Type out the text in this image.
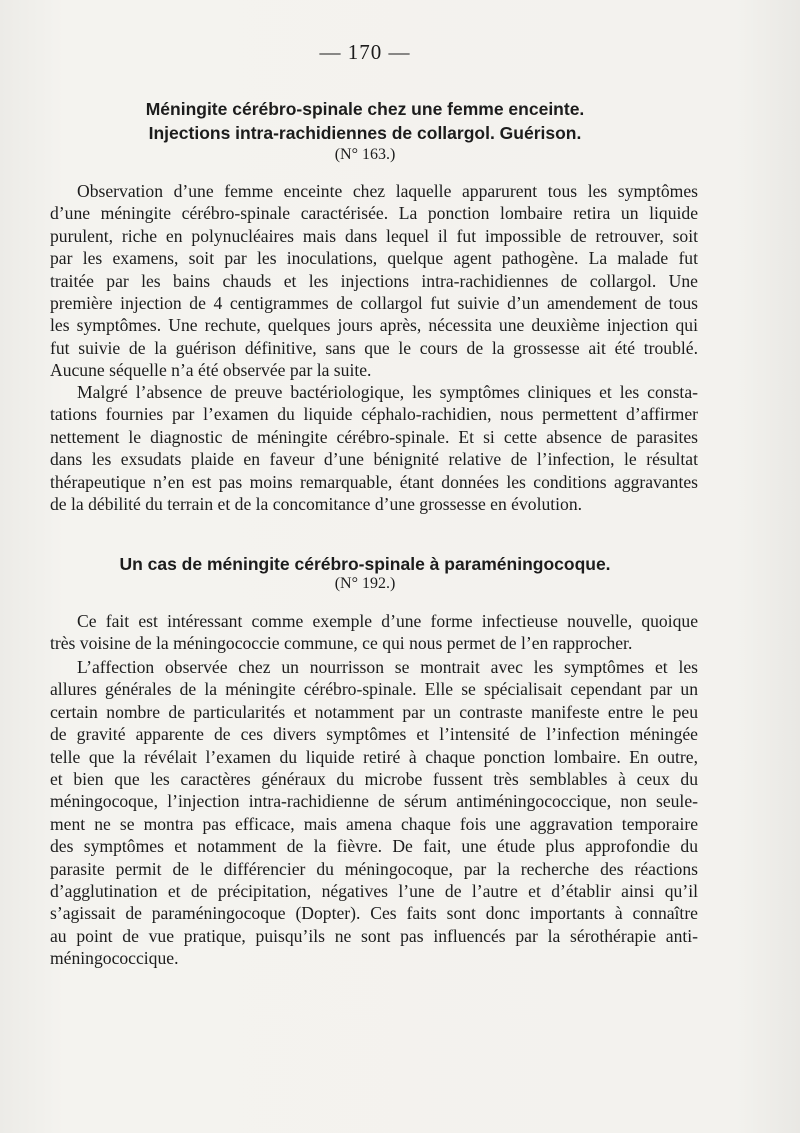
— 170 —
Méningite cérébro-spinale chez une femme enceinte.
Injections intra-rachidiennes de collargol. Guérison.
(N° 163.)

Observation d’une femme enceinte chez laquelle apparurent tous les symptômes
d’une méningite cérébro-spinale caractérisée. La ponction lombaire retira un liquide
purulent, riche en polynucléaires mais dans lequel il fut impossible de retrouver, soit
par les examens, soit par les inoculations, quelque agent pathogène. La malade fut
traitée par les bains chauds et les injections intra-rachidiennes de collargol. Une
première injection de 4 centigrammes de collargol fut suivie d’un amendement de tous
les symptômes. Une rechute, quelques jours après, nécessita une deuxième injection qui
fut suivie de la guérison définitive, sans que le cours de la grossesse ait été troublé.
Aucune séquelle n’a été observée par la suite.

Malgré l’absence de preuve bactériologique, les symptômes cliniques et les consta-
tations fournies par l’examen du liquide céphalo-rachidien, nous permettent d’affirmer
nettement le diagnostic de méningite cérébro-spinale. Et si cette absence de parasites
dans les exsudats plaide en faveur d’une bénignité relative de l’infection, le résultat
thérapeutique n’en est pas moins remarquable, étant données les conditions aggravantes
de la débilité du terrain et de la concomitance d’une grossesse en évolution.

Un cas de méningite cérébro-spinale à paraméningocoque.
(N° 192.)

Ce fait est intéressant comme exemple d’une forme infectieuse nouvelle, quoique
très voisine de la méningococcie commune, ce qui nous permet de l’en rapprocher.

L’affection observée chez un nourrisson se montrait avec les symptômes et les
allures générales de la méningite cérébro-spinale. Elle se spécialisait cependant par un
certain nombre de particularités et notamment par un contraste manifeste entre le peu
de gravité apparente de ces divers symptômes et l’intensité de l’infection méningée
telle que la révélait l’examen du liquide retiré à chaque ponction lombaire. En outre,
et bien que les caractères généraux du microbe fussent très semblables à ceux du
méningocoque, l’injection intra-rachidienne de sérum antiméningococcique, non seule-
ment ne se montra pas efficace, mais amena chaque fois une aggravation temporaire
des symptômes et notamment de la fièvre. De fait, une étude plus approfondie du
parasite permit de le différencier du méningocoque, par la recherche des réactions
d’agglutination et de précipitation, négatives l’une de l’autre et d’établir ainsi qu’il
s’agissait de paraméningocoque (Dopter). Ces faits sont donc importants à connaître
au point de vue pratique, puisqu’ils ne sont pas influencés par la sérothérapie anti-
méningococcique.
